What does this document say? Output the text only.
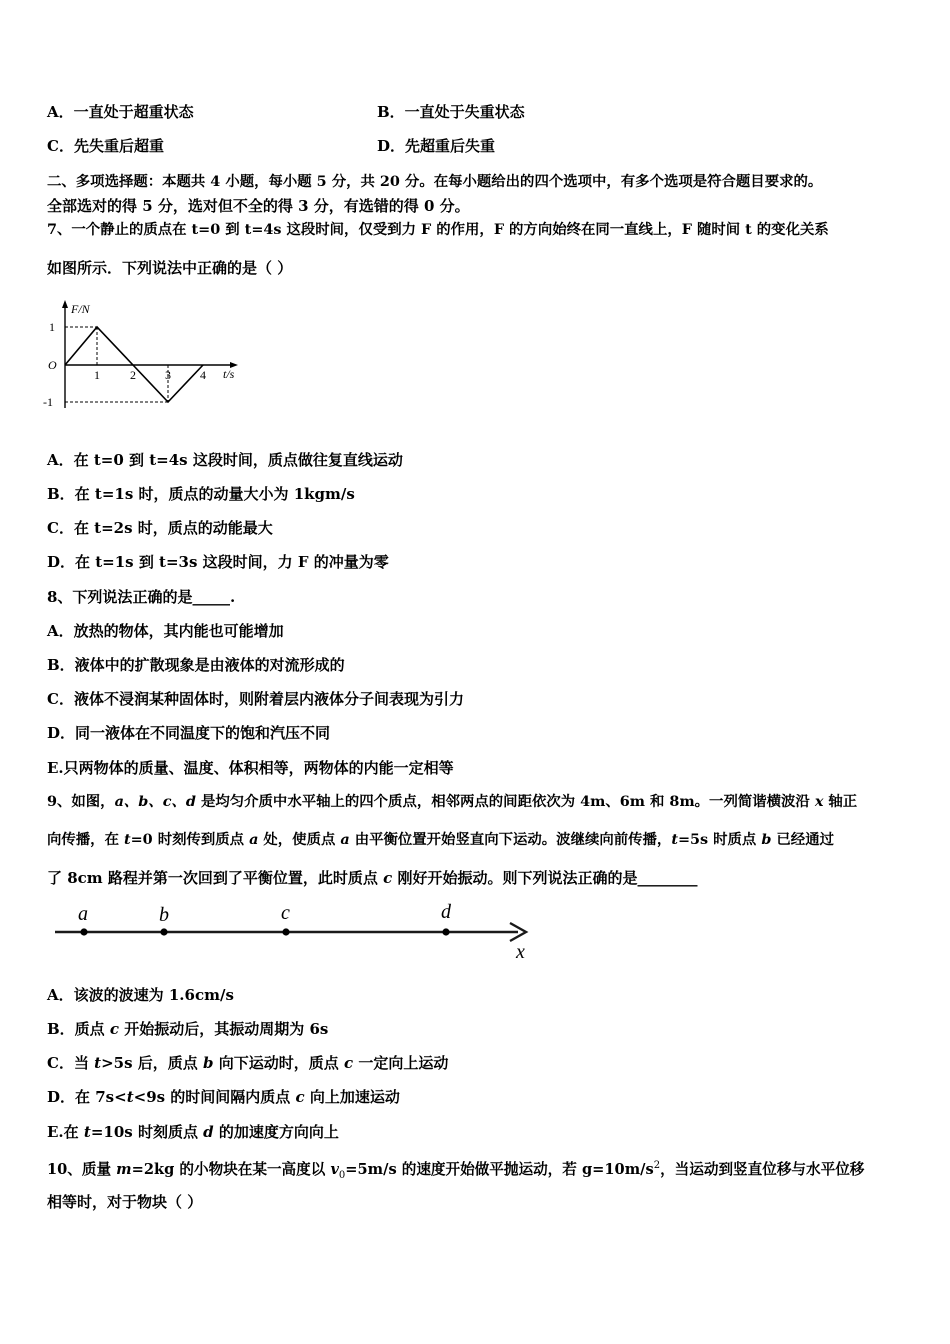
A．一直处于超重状态	B．一直处于失重状态
C．先失重后超重	D．先超重后失重
二、多项选择题：本题共 4 小题，每小题 5 分，共 20 分。在每小题给出的四个选项中，有多个选项是符合题目要求的。
全部选对的得 5 分，选对但不全的得 3 分，有选错的得 0 分。
7、一个静止的质点在 t=0 到 t=4s 这段时间，仅受到力 F 的作用，F 的方向始终在同一直线上，F 随时间 t 的变化关系
如图所示．下列说法中正确的是（ ）
F/N
1
O
-1
1	2 3 4 t/s
A．在 t=0 到 t=4s 这段时间，质点做往复直线运动
B．在 t=1s 时，质点的动量大小为 1kgm/s
C．在 t=2s 时，质点的动能最大
D．在 t=1s 到 t=3s 这段时间，力 F 的冲量为零
8、下列说法正确的是_____.
A．放热的物体，其内能也可能增加
B．液体中的扩散现象是由液体的对流形成的
C．液体不浸润某种固体时，则附着层内液体分子间表现为引力
D．同一液体在不同温度下的饱和汽压不同
E.只两物体的质量、温度、体积相等，两物体的内能一定相等
9、如图，a、b、c、d 是均匀介质中水平轴上的四个质点，相邻两点的间距依次为 4m、6m 和 8m。一列简谐横波沿 x 轴正
向传播，在 t=0 时刻传到质点 a 处，使质点 a 由平衡位置开始竖直向下运动。波继续向前传播，t=5s 时质点 b 已经通过
了 8cm 路程并第一次回到了平衡位置，此时质点 c 刚好开始振动。则下列说法正确的是________
a	b	c	d
x
A．该波的波速为 1.6cm/s
B．质点 c 开始振动后，其振动周期为 6s
C．当 t>5s 后，质点 b 向下运动时，质点 c 一定向上运动
D．在 7s<t<9s 的时间间隔内质点 c 向上加速运动
E.在 t=10s 时刻质点 d 的加速度方向向上
10、质量 m=2kg 的小物块在某一高度以 $v_0=5m/s$ 的速度开始做平抛运动，若 $g=10m/s^2$，当运动到竖直位移与水平位移
相等时，对于物块（ ）
